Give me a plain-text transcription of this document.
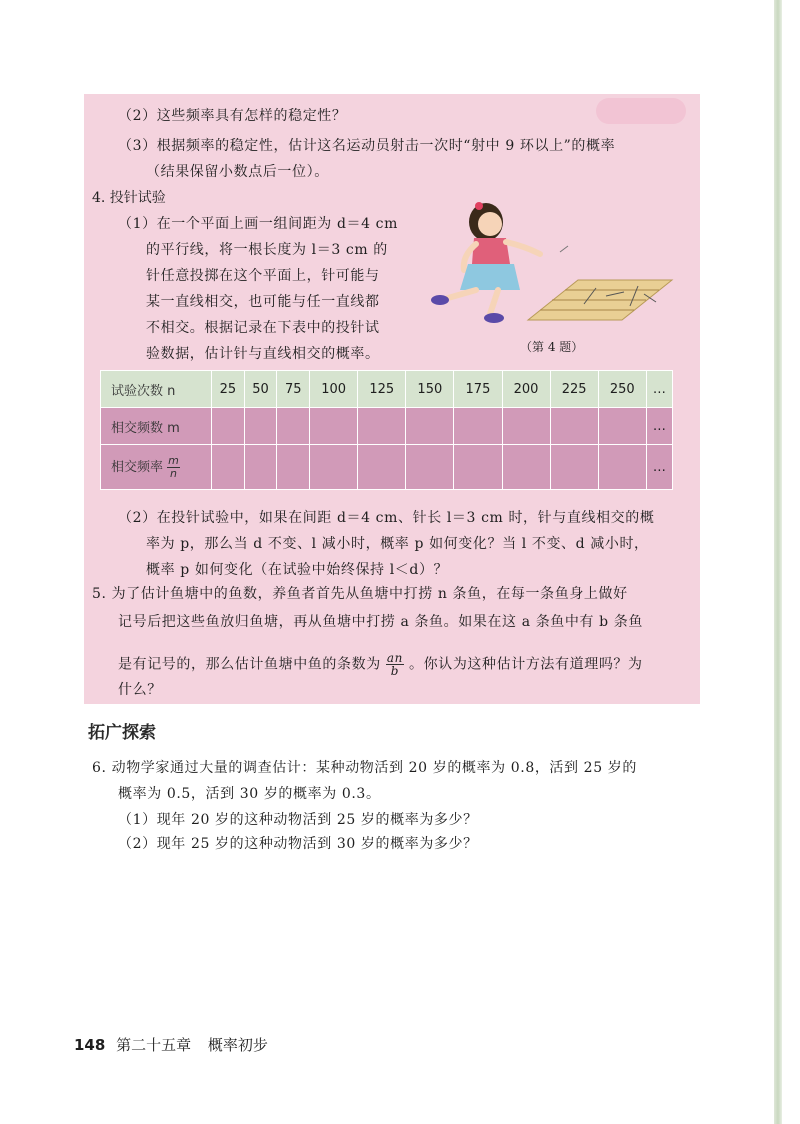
（2）这些频率具有怎样的稳定性？
（3）根据频率的稳定性，估计这名运动员射击一次时“射中 9 环以上”的概率
（结果保留小数点后一位）。
4. 投针试验
（1）在一个平面上画一组间距为 d＝4 cm
的平行线，将一根长度为 l＝3 cm 的
针任意投掷在这个平面上，针可能与
某一直线相交，也可能与任一直线都
不相交。根据记录在下表中的投针试
验数据，估计针与直线相交的概率。	（第 4 题）
试验次数 n	25	50	75	100	125	150	175	200	225	250	…
相交频数 m											…
相交频率 $\frac{m}{n}$											…
（2）在投针试验中，如果在间距 d＝4 cm、针长 l＝3 cm 时，针与直线相交的概
率为 p，那么当 d 不变、l 减小时，概率 p 如何变化？当 l 不变、d 减小时，
概率 p 如何变化（在试验中始终保持 l＜d）？
5. 为了估计鱼塘中的鱼数，养鱼者首先从鱼塘中打捞 n 条鱼，在每一条鱼身上做好
记号后把这些鱼放归鱼塘，再从鱼塘中打捞 a 条鱼。如果在这 a 条鱼中有 b 条鱼
是有记号的，那么估计鱼塘中鱼的条数为 $\frac{an}{b}$ 。你认为这种估计方法有道理吗？为
什么？
拓广探索
6. 动物学家通过大量的调查估计：某种动物活到 20 岁的概率为 0.8，活到 25 岁的
概率为 0.5，活到 30 岁的概率为 0.3。
（1）现年 20 岁的这种动物活到 25 岁的概率为多少？
（2）现年 25 岁的这种动物活到 30 岁的概率为多少？
148 第二十五章 概率初步
